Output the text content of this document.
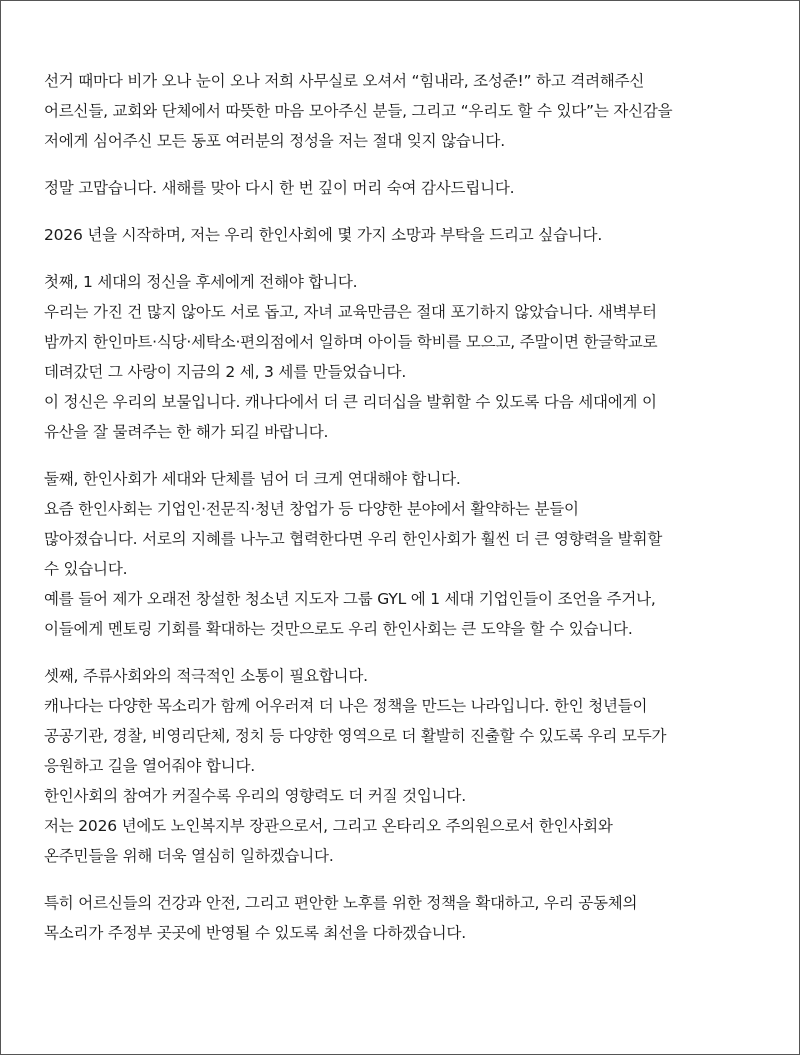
선거 때마다 비가 오나 눈이 오나 저희 사무실로 오셔서 “힘내라, 조성준!” 하고 격려해주신
어르신들, 교회와 단체에서 따뜻한 마음 모아주신 분들, 그리고 “우리도 할 수 있다”는 자신감을
저에게 심어주신 모든 동포 여러분의 정성을 저는 절대 잊지 않습니다.

정말 고맙습니다. 새해를 맞아 다시 한 번 깊이 머리 숙여 감사드립니다.

2026 년을 시작하며, 저는 우리 한인사회에 몇 가지 소망과 부탁을 드리고 싶습니다.

첫째, 1 세대의 정신을 후세에게 전해야 합니다.
우리는 가진 건 많지 않아도 서로 돕고, 자녀 교육만큼은 절대 포기하지 않았습니다. 새벽부터
밤까지 한인마트·식당·세탁소·편의점에서 일하며 아이들 학비를 모으고, 주말이면 한글학교로
데려갔던 그 사랑이 지금의 2 세, 3 세를 만들었습니다.
이 정신은 우리의 보물입니다. 캐나다에서 더 큰 리더십을 발휘할 수 있도록 다음 세대에게 이
유산을 잘 물려주는 한 해가 되길 바랍니다.

둘째, 한인사회가 세대와 단체를 넘어 더 크게 연대해야 합니다.
요즘 한인사회는 기업인·전문직·청년 창업가 등 다양한 분야에서 활약하는 분들이
많아졌습니다. 서로의 지혜를 나누고 협력한다면 우리 한인사회가 훨씬 더 큰 영향력을 발휘할
수 있습니다.
예를 들어 제가 오래전 창설한 청소년 지도자 그룹 GYL 에 1 세대 기업인들이 조언을 주거나,
이들에게 멘토링 기회를 확대하는 것만으로도 우리 한인사회는 큰 도약을 할 수 있습니다.

셋째, 주류사회와의 적극적인 소통이 필요합니다.
캐나다는 다양한 목소리가 함께 어우러져 더 나은 정책을 만드는 나라입니다. 한인 청년들이
공공기관, 경찰, 비영리단체, 정치 등 다양한 영역으로 더 활발히 진출할 수 있도록 우리 모두가
응원하고 길을 열어줘야 합니다.
한인사회의 참여가 커질수록 우리의 영향력도 더 커질 것입니다.
저는 2026 년에도 노인복지부 장관으로서, 그리고 온타리오 주의원으로서 한인사회와
온주민들을 위해 더욱 열심히 일하겠습니다.

특히 어르신들의 건강과 안전, 그리고 편안한 노후를 위한 정책을 확대하고, 우리 공동체의
목소리가 주정부 곳곳에 반영될 수 있도록 최선을 다하겠습니다.
